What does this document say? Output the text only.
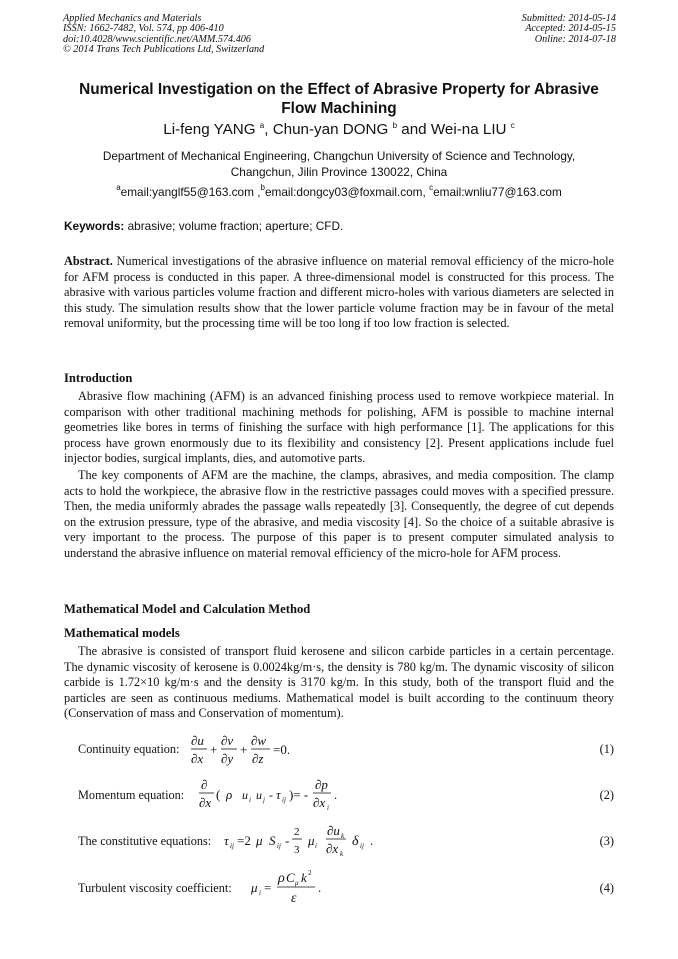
Applied Mechanics and Materials
ISSN: 1662-7482, Vol. 574, pp 406-410
doi:10.4028/www.scientific.net/AMM.574.406
© 2014 Trans Tech Publications Ltd, Switzerland
Submitted: 2014-05-14
Accepted: 2014-05-15
Online: 2014-07-18
Numerical Investigation on the Effect of Abrasive Property for Abrasive Flow Machining
Li-feng YANG $^a$, Chun-yan DONG $^b$ and Wei-na LIU $^c$
Department of Mechanical Engineering, Changchun University of Science and Technology,
Changchun, Jilin Province 130022, China
$^a$email:yanglf55@163.com ,$^b$email:dongcy03@foxmail.com, $^c$email:wnliu77@163.com
Keywords: abrasive; volume fraction; aperture; CFD.
Abstract. Numerical investigations of the abrasive influence on material removal efficiency of the micro-hole for AFM process is conducted in this paper. A three-dimensional model is constructed for this process. The abrasive with various particles volume fraction and different micro-holes with various diameters are selected in this study. The simulation results show that the lower particle volume fraction may be in favour of the metal removal uniformity, but the processing time will be too long if too low fraction is selected.
Introduction
Abrasive flow machining (AFM) is an advanced finishing process used to remove workpiece material. In comparison with other traditional machining methods for polishing, AFM is possible to machine internal geometries like bores in terms of finishing the surface with high performance [1]. The applications for this process have grown enormously due to its flexibility and consistency [2]. Present applications include fuel injector bodies, surgical implants, dies, and automotive parts.
The key components of AFM are the machine, the clamps, abrasives, and media composition. The clamp acts to hold the workpiece, the abrasive flow in the restrictive passages could moves with a specified pressure. Then, the media uniformly abrades the passage walls repeatedly [3]. Consequently, the degree of cut depends on the extrusion pressure, type of the abrasive, and media viscosity [4]. So the choice of a suitable abrasive is very important to the process. The purpose of this paper is to present computer simulated analysis to understand the abrasive influence on material removal efficiency of the micro-hole for AFM process.
Mathematical Model and Calculation Method
Mathematical models
The abrasive is consisted of transport fluid kerosene and silicon carbide particles in a certain percentage. The dynamic viscosity of kerosene is 0.0024kg/m·s, the density is 780 kg/m. The dynamic viscosity of silicon carbide is 1.72×10 kg/m·s and the density is 3170 kg/m. In this study, both of the transport fluid and the particles are seen as continuous mediums. Mathematical model is built according to the continuum theory (Conservation of mass and Conservation of momentum).
Continuity equation:
∂u
∂x
+
∂v
∂y
+
∂w
∂z
=0.	(1)
Momentum equation:
∂
∂x
( ρ u i u j - τ ij )= -
∂p
∂x i
.	(2)
The constitutive equations: τ ij =2 μ S ij -
2
3
μ i
∂u k
∂x k
δ ij .	(3)
Turbulent viscosity coefficient: μ i =
ρ C μ k 2
ε
.	(4)
